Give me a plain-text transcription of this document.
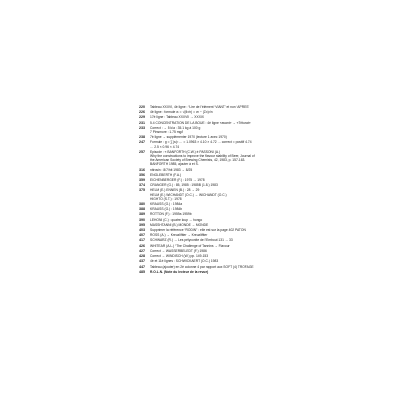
220	Tableau XXXVI, 4è ligne : “Lire de l’élément ‘VIANT’ et non ‘APRES’
226	4è ligne : formule σᵢ = √(θ²/n) = σ² − (Σx)²/n
229	17è ligne : Tableau XXXVII → XXXIX
231	5.4 CONCENTRATION DE LA BOUE : 4è ligne «avant» → «Triturat»
233	Correct : → 5 k/a : 35.1 kg à 100 g
7 Pinsmore : 1.75 mg/l
238	7è ligne → supplémenter 1970 (lecture 1 avec 1970)
247	Formule : g = ∑(xᵢ)² … = 1.0963 × 4.10 × 4.72 … correct = positif 4.74
… 2.5 × 0.96 × 4.74
257	Episode : « BANFORTH (C.W.) é PASSONI (A.)
Why the constructions to improve the flavour stability of Beer, Journal of
the American Society of Brewing Chemists, 42, 1983, p. 157-163.
BANFORTH 1985, ajouter à et S.
316	nitrosin : 8/7/hit 1983 → 8/25
356	ENGLEBERTH (F.A.)
359	EICHENBERGER (F.) : 1975 → 1978
374	CRANGER (G.) : 85, 1985 : 1985B (1.8.) 1983
375	HELM (E.) ENNEN (B.) : 28 → 29
HELM (E.) WICHANDT (O.C.) → WICHANDT (O.C.)
HIGHTO (S.T.) : 1978
380	KRAUSS (G.) : 1984a
388	KRAUSS (G.) : 1984b
389	ROTTON (F.) : 1959a 1959b
390	LEHONI (C.) : quatre loup → hongo
395	MASSHTANNI (B.) MONDE → MONDE
403	Supprimer la référence “RODIN” : elle est sur la page 402 PATON
407	ROSS (A.) → Kreuzliftter → Kreuzliftter
417	SCHWARZ (R.) → Les pélyconite de l’Embout 131 → 33
426	WHITEAR (A.L.) “The Challenge of Tannins → Flavour
427	Correct → WASSERBELEDT (F.) 1986
428	Correct → WINDISCH (W.) pp. 149-153
437	4è et 11è lignes : SCHWICKAERT (O.C.) 1983
447	Tableau (ajouter) en 2è colonne 4 par rapport aux SOFT (4) TROFAGE
485	R.O.L.N. (Note du lecteur de la revue)
